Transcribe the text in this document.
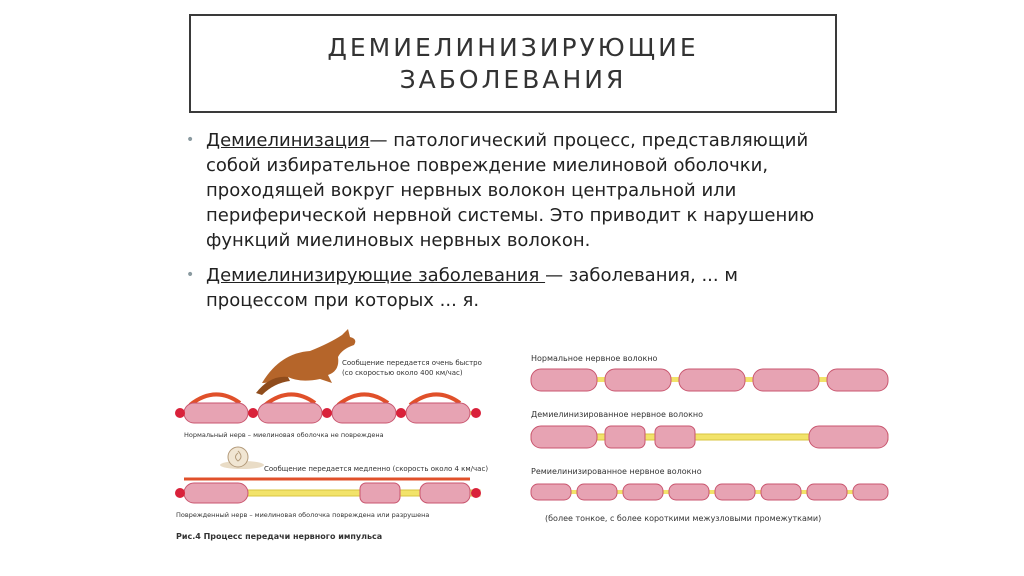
ДЕМИЕЛИНИЗИРУЮЩИЕ
ЗАБОЛЕВАНИЯ
• Демиелинизация— патологический процесс, представляющий собой избирательное повреждение миелиновой оболочки, проходящей вокруг нервных волокон центральной или периферической нервной системы. Это приводит к нарушению функций миелиновых нервных волокон.
• Демиелинизирующие заболевания — заболевания, ... м процессом при которых ... я.
Сообщение передается очень быстро
(со скоростью около 400 км/час)
Нормальный нерв – миелиновая оболочка не повреждена
Сообщение передается медленно (скорость около 4 км/час)
Поврежденный нерв – миелиновая оболочка повреждена или разрушена
Рис.4 Процесс передачи нервного импульса
Нормальное нервное волокно
Демиелинизированное нервное волокно
Ремиелинизированное нервное волокно
(более тонкое, с более короткими межузловыми промежутками)
